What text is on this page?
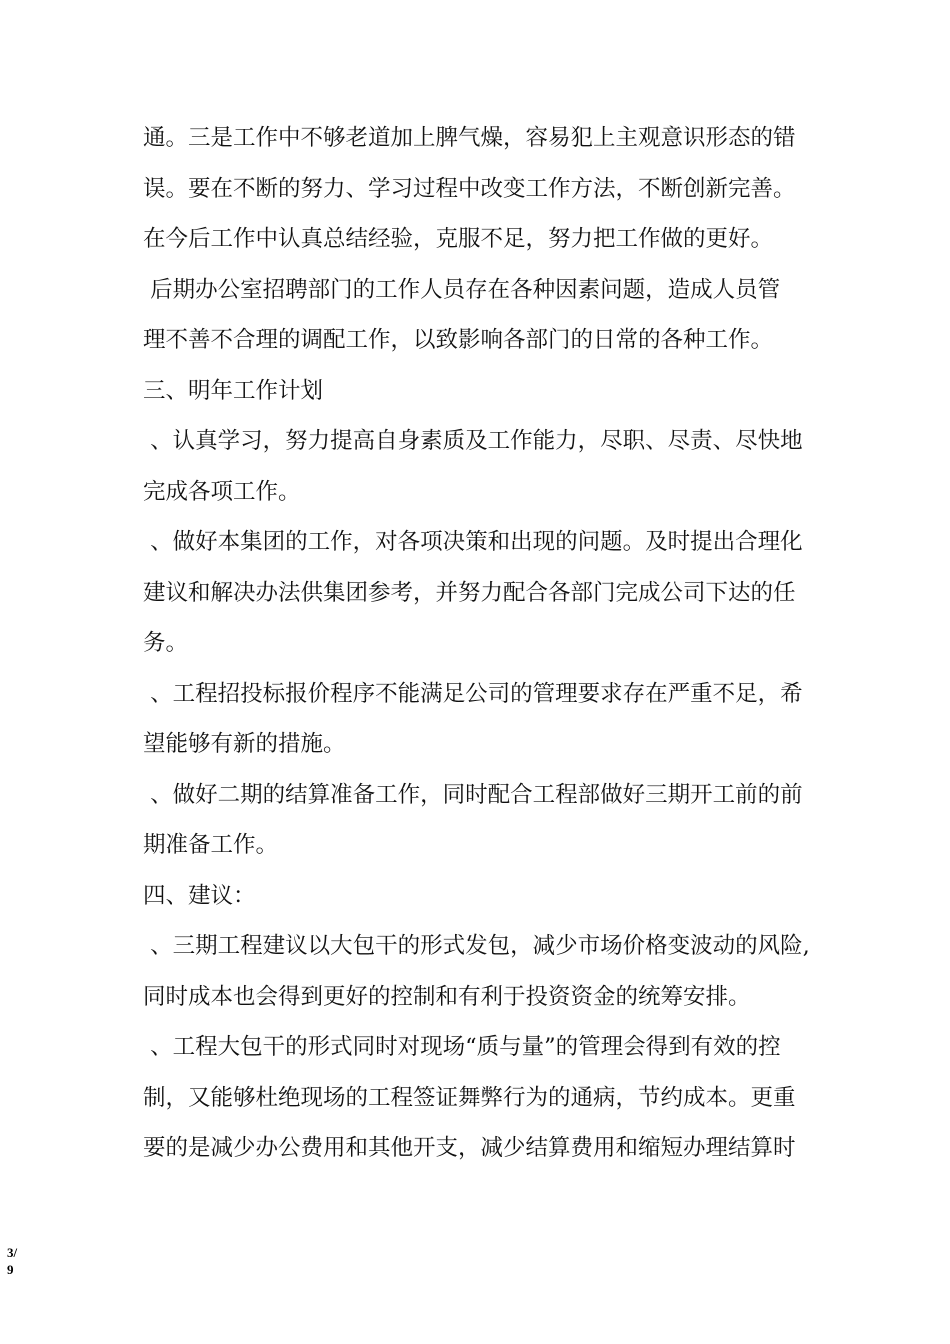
通。三是工作中不够老道加上脾气燥，容易犯上主观意识形态的错
误。要在不断的努力、学习过程中改变工作方法，不断创新完善。
在今后工作中认真总结经验，克服不足，努力把工作做的更好。
后期办公室招聘部门的工作人员存在各种因素问题，造成人员管
理不善不合理的调配工作，以致影响各部门的日常的各种工作。
三、明年工作计划
、认真学习，努力提高自身素质及工作能力，尽职、尽责、尽快地
完成各项工作。
、做好本集团的工作，对各项决策和出现的问题。及时提出合理化
建议和解决办法供集团参考，并努力配合各部门完成公司下达的任
务。
、工程招投标报价程序不能满足公司的管理要求存在严重不足，希
望能够有新的措施。
、做好二期的结算准备工作，同时配合工程部做好三期开工前的前
期准备工作。
四、建议：
、三期工程建议以大包干的形式发包，减少市场价格变波动的风险,
同时成本也会得到更好的控制和有利于投资资金的统筹安排。
、工程大包干的形式同时对现场“质与量”的管理会得到有效的控
制，又能够杜绝现场的工程签证舞弊行为的通病，节约成本。更重
要的是减少办公费用和其他开支，减少结算费用和缩短办理结算时
3/
9
